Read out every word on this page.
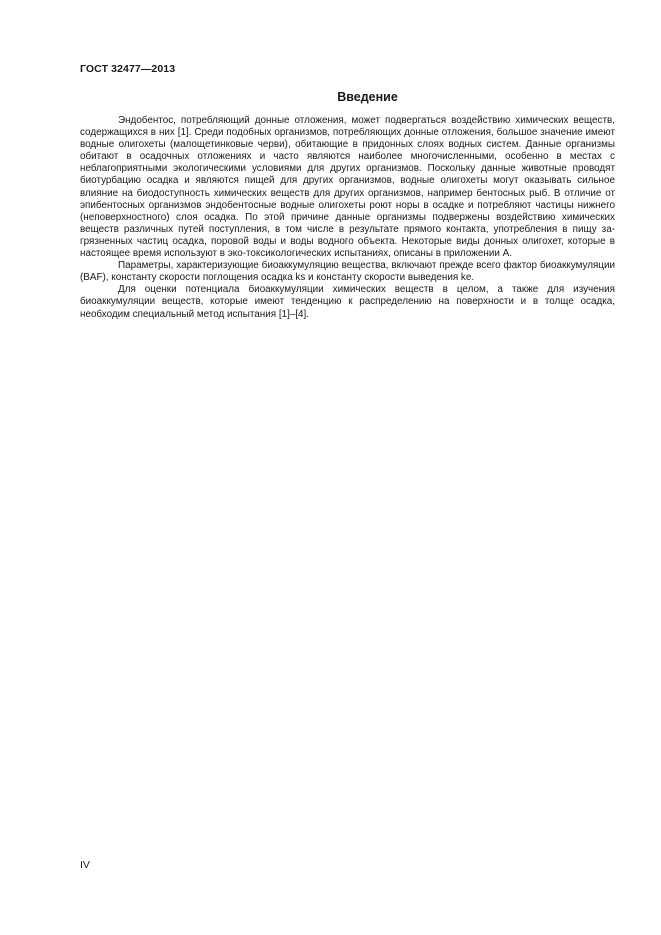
ГОСТ 32477—2013
Введение

Эндобентос, потребляющий донные отложения, может подвергаться воздействию химических веществ, содержащихся в них [1]. Среди подобных организмов, потребляющих донные отложения, большое значение имеют водные олигохеты (малощетинковые черви), обитающие в придонных слоях водных систем. Данные организмы обитают в осадочных отложениях и часто являются наиболее многочисленными, особенно в местах с неблагоприятными экологическими условиями для других организмов. Поскольку данные животные проводят биотурбацию осадка и являются пищей для других организмов, водные олигохеты могут оказывать сильное влияние на биодоступность химических веществ для других организмов, например бентосных рыб. В отличие от эпибентосных организмов эндобентосные водные олигохеты роют норы в осадке и потребляют частицы нижнего (неповерхностного) слоя осадка. По этой причине данные организмы подвержены воздействию химических веществ различных путей поступления, в том числе в результате прямого контакта, употребления в пищу загрязненных частиц осадка, поровой воды и воды водного объекта. Некоторые виды донных олигохет, которые в настоящее время используют в эко-токсикологических испытаниях, описаны в приложении А.

Параметры, характеризующие биоаккумуляцию вещества, включают прежде всего фактор биоаккумуляции (BAF), константу скорости поглощения осадка ks и константу скорости выведения ke.

Для оценки потенциала биоаккумуляции химических веществ в целом, а также для изучения биоаккумуляции веществ, которые имеют тенденцию к распределению на поверхности и в толще осадка, необходим специальный метод испытания [1]–[4].

IV
